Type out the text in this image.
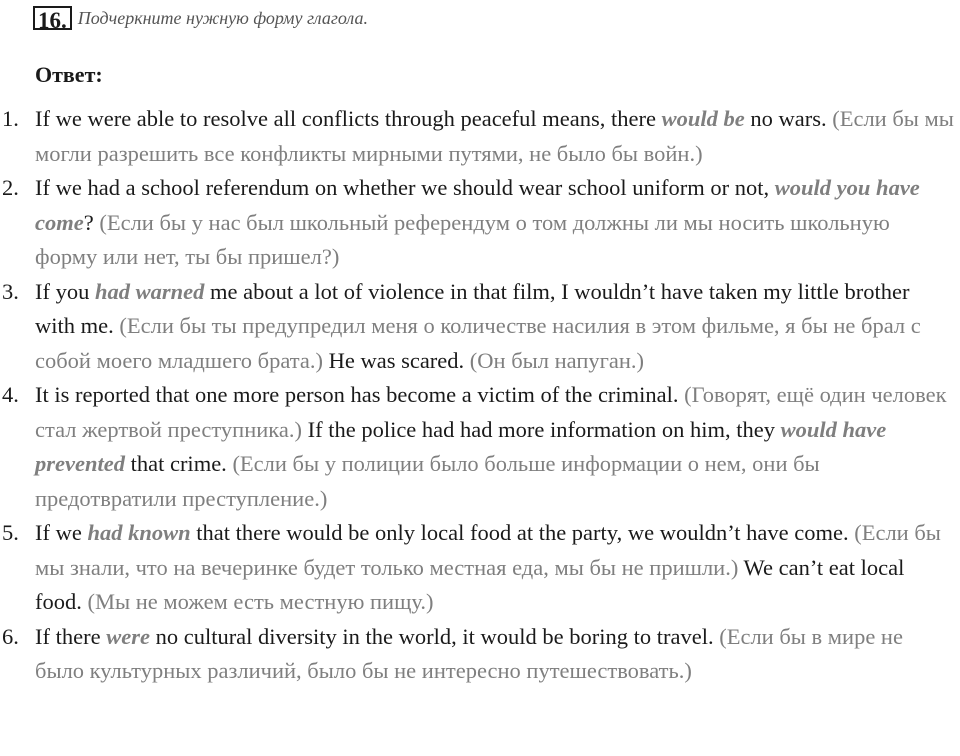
16. Подчеркните нужную форму глагола.
Ответ:
1. If we were able to resolve all conflicts through peaceful means, there would be no wars. (Если бы мы могли разрешить все конфликты мирными путями, не было бы войн.)
2. If we had a school referendum on whether we should wear school uniform or not, would you have come? (Если бы у нас был школьный референдум о том должны ли мы носить школьную форму или нет, ты бы пришел?)
3. If you had warned me about a lot of violence in that film, I wouldn’t have taken my little brother with me. (Если бы ты предупредил меня о количестве насилия в этом фильме, я бы не брал с собой моего младшего брата.) He was scared. (Он был напуган.)
4. It is reported that one more person has become a victim of the criminal. (Говорят, ещё один человек стал жертвой преступника.) If the police had had more information on him, they would have prevented that crime. (Если бы у полиции было больше информации о нем, они бы предотвратили преступление.)
5. If we had known that there would be only local food at the party, we wouldn’t have come. (Если бы мы знали, что на вечеринке будет только местная еда, мы бы не пришли.) We can’t eat local food. (Мы не можем есть местную пищу.)
6. If there were no cultural diversity in the world, it would be boring to travel. (Если бы в мире не было культурных различий, было бы не интересно путешествовать.)
